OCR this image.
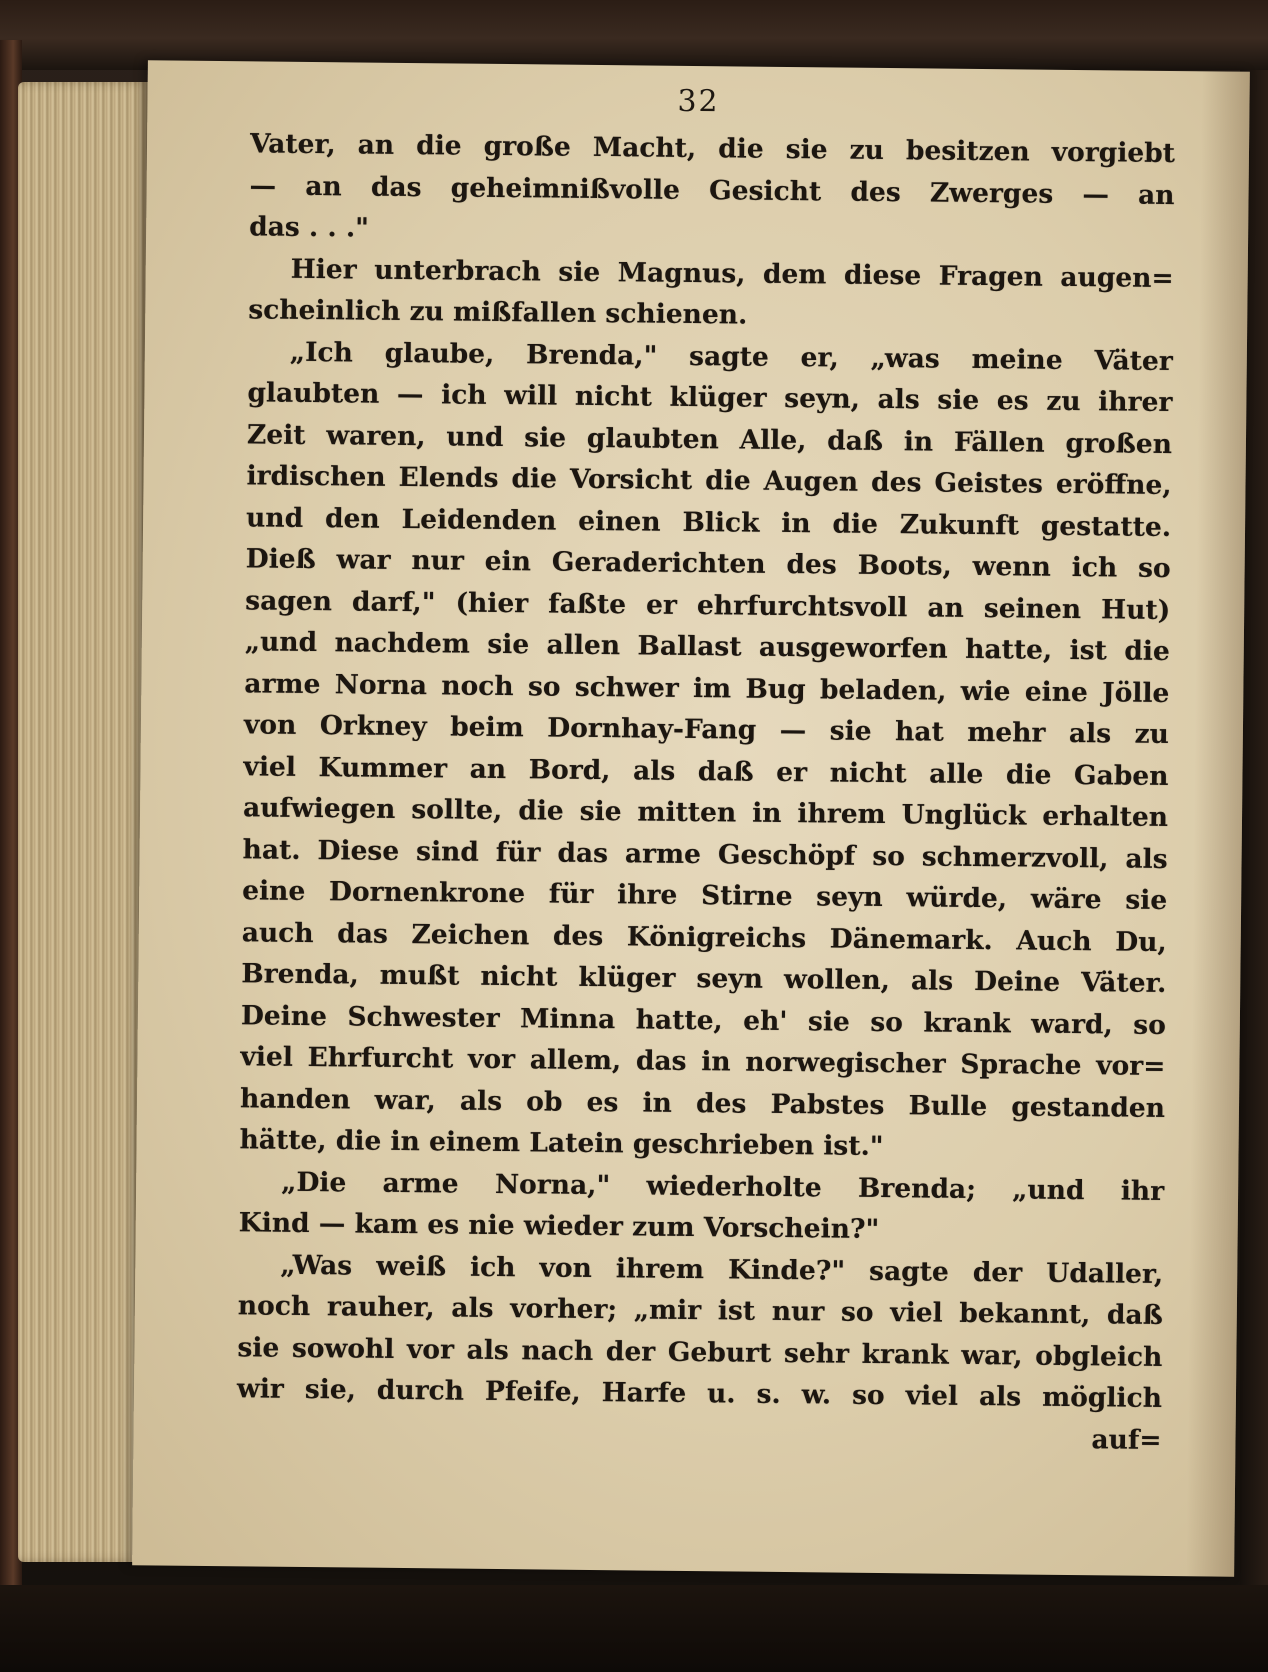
32
Vater, an die große Macht, die sie zu besitzen vorgiebt
— an das geheimnißvolle Gesicht des Zwerges — an
das . . ."
Hier unterbrach sie Magnus, dem diese Fragen augen=
scheinlich zu mißfallen schienen.
„Ich glaube, Brenda," sagte er, „was meine Väter
glaubten — ich will nicht klüger seyn, als sie es zu ihrer
Zeit waren, und sie glaubten Alle, daß in Fällen großen
irdischen Elends die Vorsicht die Augen des Geistes eröffne,
und den Leidenden einen Blick in die Zukunft gestatte.
Dieß war nur ein Geraderichten des Boots, wenn ich so
sagen darf," (hier faßte er ehrfurchtsvoll an seinen Hut)
„und nachdem sie allen Ballast ausgeworfen hatte, ist die
arme Norna noch so schwer im Bug beladen, wie eine Jölle
von Orkney beim Dornhay-Fang — sie hat mehr als zu
viel Kummer an Bord, als daß er nicht alle die Gaben
aufwiegen sollte, die sie mitten in ihrem Unglück erhalten
hat. Diese sind für das arme Geschöpf so schmerzvoll, als
eine Dornenkrone für ihre Stirne seyn würde, wäre sie
auch das Zeichen des Königreichs Dänemark. Auch Du,
Brenda, mußt nicht klüger seyn wollen, als Deine Väter.
Deine Schwester Minna hatte, eh' sie so krank ward, so
viel Ehrfurcht vor allem, das in norwegischer Sprache vor=
handen war, als ob es in des Pabstes Bulle gestanden
hätte, die in einem Latein geschrieben ist."
„Die arme Norna," wiederholte Brenda; „und ihr
Kind — kam es nie wieder zum Vorschein?"
„Was weiß ich von ihrem Kinde?" sagte der Udaller,
noch rauher, als vorher; „mir ist nur so viel bekannt, daß
sie sowohl vor als nach der Geburt sehr krank war, obgleich
wir sie, durch Pfeife, Harfe u. s. w. so viel als möglich
auf=
